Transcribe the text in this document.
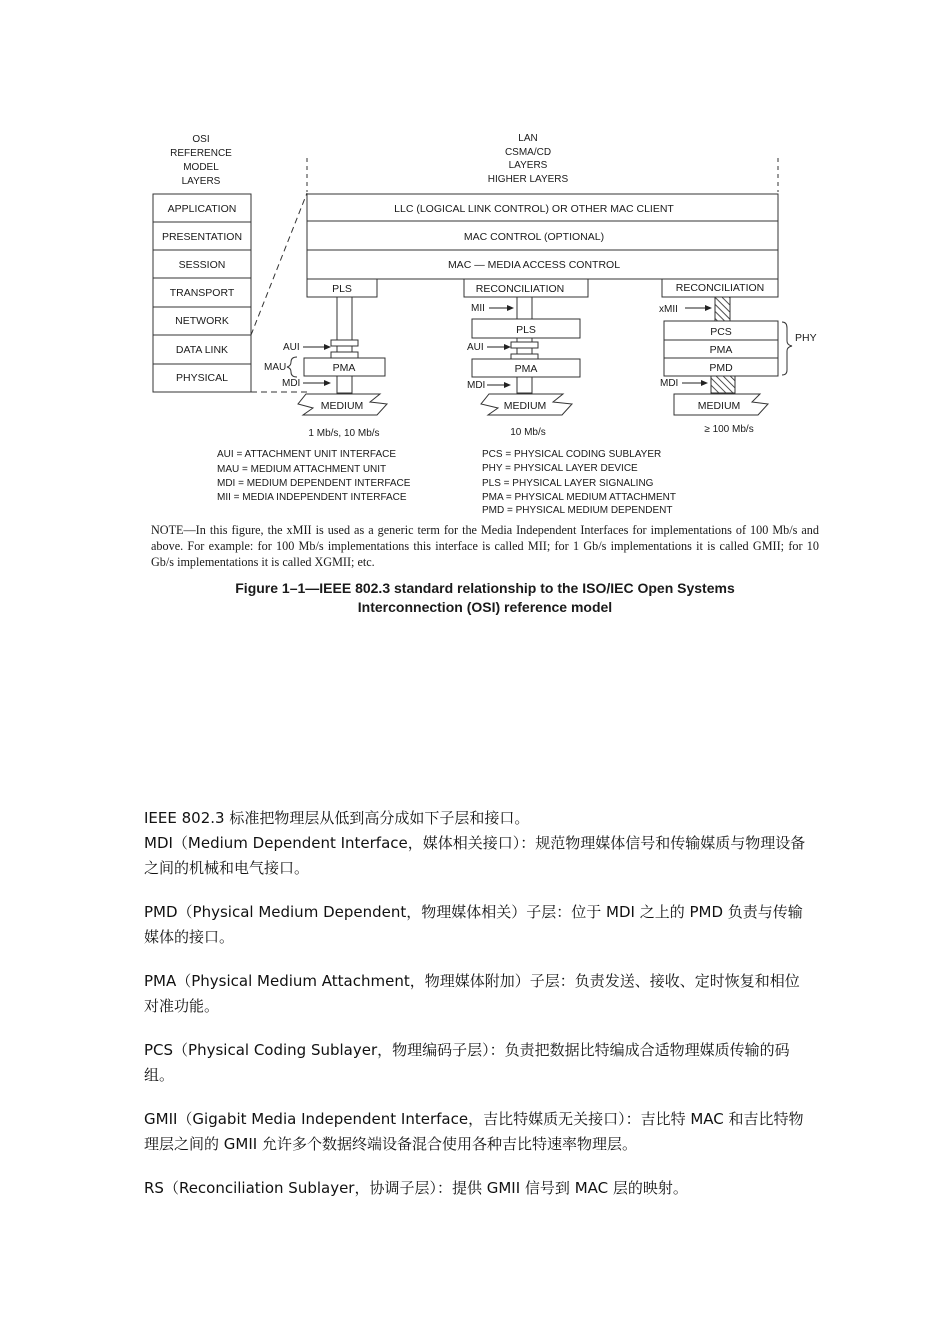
OSI
REFERENCE
MODEL
LAYERS
LAN
CSMA/CD
LAYERS
HIGHER LAYERS
APPLICATION
PRESENTATION
SESSION
TRANSPORT
NETWORK
DATA LINK
PHYSICAL
LLC (LOGICAL LINK CONTROL) OR OTHER MAC CLIENT
MAC CONTROL (OPTIONAL)
MAC — MEDIA ACCESS CONTROL
PLS
AUI
PMA
MAU
MDI
MEDIUM
1 Mb/s, 10 Mb/s
RECONCILIATION
MII
PLS
AUI
PMA
MDI
MEDIUM
10 Mb/s
RECONCILIATION
xMII
PCS
PMA
PMD
PHY
MDI
MEDIUM
≥ 100 Mb/s
AUI = ATTACHMENT UNIT INTERFACE
MAU = MEDIUM ATTACHMENT UNIT
MDI = MEDIUM DEPENDENT INTERFACE
MII = MEDIA INDEPENDENT INTERFACE
PCS = PHYSICAL CODING SUBLAYER
PHY = PHYSICAL LAYER DEVICE
PLS = PHYSICAL LAYER SIGNALING
PMA = PHYSICAL MEDIUM ATTACHMENT
PMD = PHYSICAL MEDIUM DEPENDENT
NOTE—In this figure, the xMII is used as a generic term for the Media Independent Interfaces for implementations of 100 Mb/s and above. For example: for 100 Mb/s implementations this interface is called MII; for 1 Gb/s implementations it is called GMII; for 10 Gb/s implementations it is called XGMII; etc.
Figure 1–1—IEEE 802.3 standard relationship to the ISO/IEC Open Systems
Interconnection (OSI) reference model

IEEE 802.3 标准把物理层从低到高分成如下子层和接口。

MDI（Medium Dependent Interface，媒体相关接口）：规范物理媒体信号和传输媒质与物理设备之间的机械和电气接口。

PMD（Physical Medium Dependent，物理媒体相关）子层：位于 MDI 之上的 PMD 负责与传输媒体的接口。

PMA（Physical Medium Attachment，物理媒体附加）子层：负责发送、接收、定时恢复和相位对准功能。

PCS（Physical Coding Sublayer，物理编码子层）：负责把数据比特编成合适物理媒质传输的码组。

GMII（Gigabit Media Independent Interface，吉比特媒质无关接口）：吉比特 MAC 和吉比特物理层之间的 GMII 允许多个数据终端设备混合使用各种吉比特速率物理层。

RS（Reconciliation Sublayer，协调子层）：提供 GMII 信号到 MAC 层的映射。
